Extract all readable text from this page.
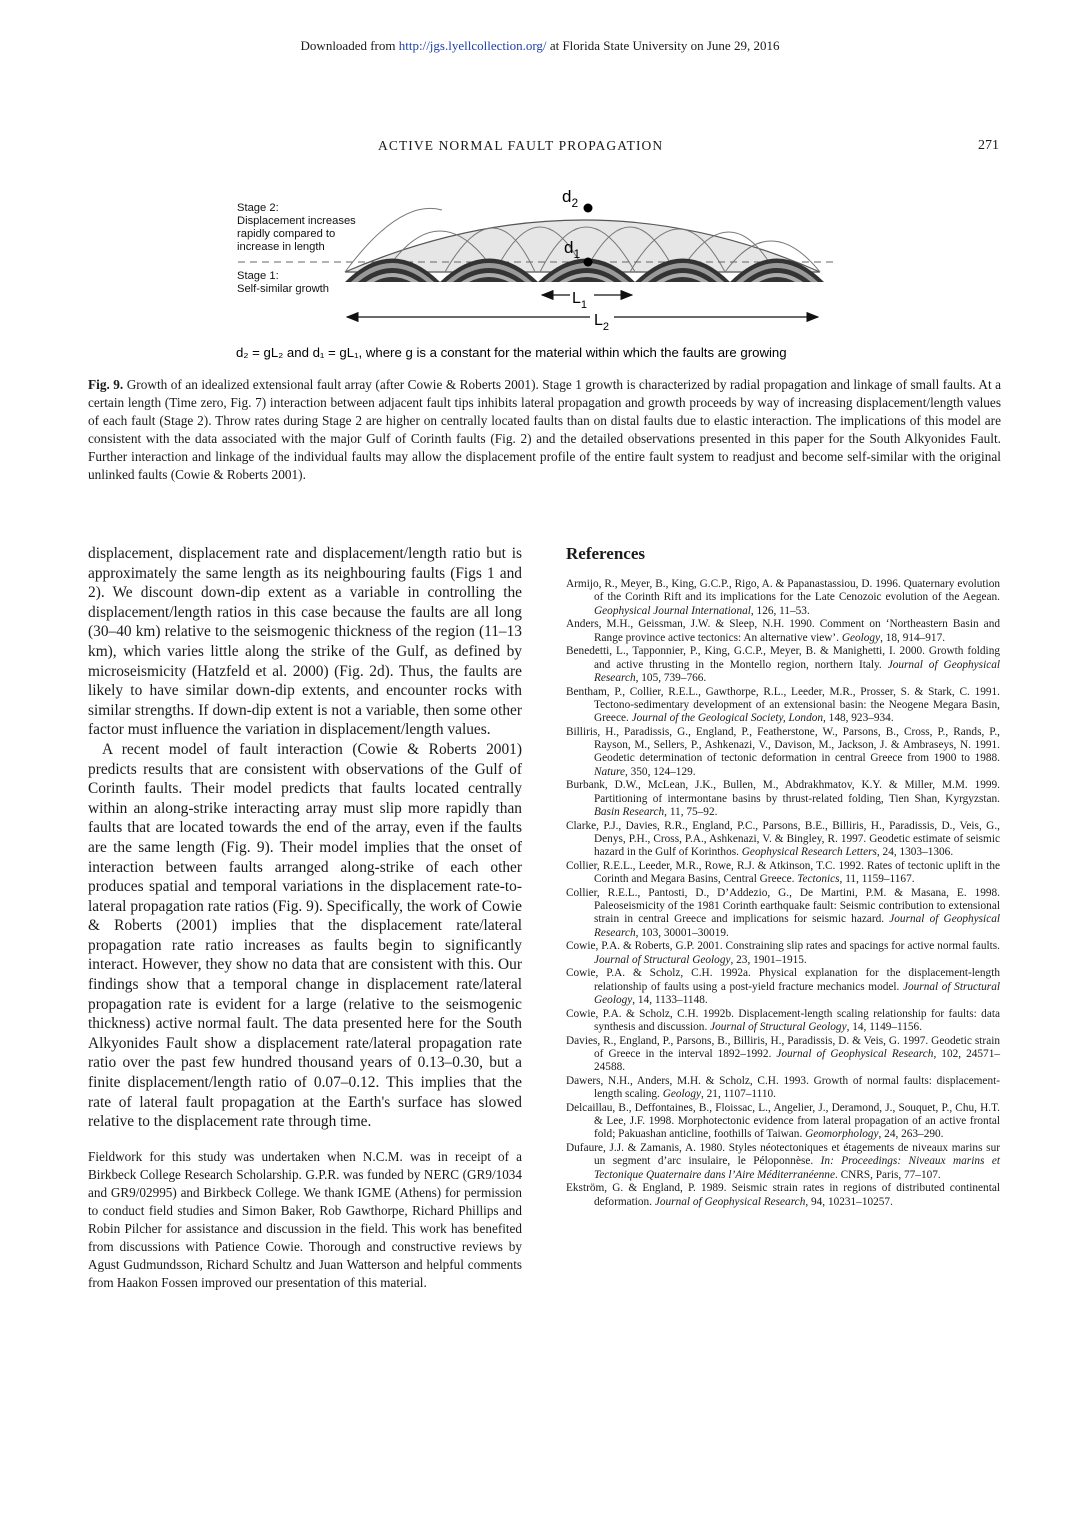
Downloaded from http://jgs.lyellcollection.org/ at Florida State University on June 29, 2016
ACTIVE NORMAL FAULT PROPAGATION	271
$d_2$
$d_1$
Stage 2:
Displacement increases
rapidly compared to
increase in length
Stage 1:
Self-similar growth
$L_1$
$L_2$
d₂ = gL₂ and d₁ = gL₁, where g is a constant for the material within which the faults are growing
Fig. 9. Growth of an idealized extensional fault array (after Cowie & Roberts 2001). Stage 1 growth is characterized by radial propagation and linkage of small faults. At a certain length (Time zero, Fig. 7) interaction between adjacent fault tips inhibits lateral propagation and growth proceeds by way of increasing displacement/length values of each fault (Stage 2). Throw rates during Stage 2 are higher on centrally located faults than on distal faults due to elastic interaction. The implications of this model are consistent with the data associated with the major Gulf of Corinth faults (Fig. 2) and the detailed observations presented in this paper for the South Alkyonides Fault. Further interaction and linkage of the individual faults may allow the displacement profile of the entire fault system to readjust and become self-similar with the original unlinked faults (Cowie & Roberts 2001).

displacement, displacement rate and displacement/length ratio but is approximately the same length as its neighbouring faults (Figs 1 and 2). We discount down-dip extent as a variable in controlling the displacement/length ratios in this case because the faults are all long (30–40 km) relative to the seismogenic thickness of the region (11–13 km), which varies little along the strike of the Gulf, as defined by microseismicity (Hatzfeld et al. 2000) (Fig. 2d). Thus, the faults are likely to have similar down-dip extents, and encounter rocks with similar strengths. If down-dip extent is not a variable, then some other factor must influence the variation in displacement/length values.

A recent model of fault interaction (Cowie & Roberts 2001) predicts results that are consistent with observations of the Gulf of Corinth faults. Their model predicts that faults located centrally within an along-strike interacting array must slip more rapidly than faults that are located towards the end of the array, even if the faults are the same length (Fig. 9). Their model implies that the onset of interaction between faults arranged along-strike of each other produces spatial and temporal variations in the displacement rate-to-lateral propagation rate ratios (Fig. 9). Specifically, the work of Cowie & Roberts (2001) implies that the displacement rate/lateral propagation rate ratio increases as faults begin to significantly interact. However, they show no data that are consistent with this. Our findings show that a temporal change in displacement rate/lateral propagation rate is evident for a large (relative to the seismogenic thickness) active normal fault. The data presented here for the South Alkyonides Fault show a displacement rate/lateral propagation rate ratio over the past few hundred thousand years of 0.13–0.30, but a finite displacement/length ratio of 0.07–0.12. This implies that the rate of lateral fault propagation at the Earth's surface has slowed relative to the displacement rate through time.

Fieldwork for this study was undertaken when N.C.M. was in receipt of a Birkbeck College Research Scholarship. G.P.R. was funded by NERC (GR9/1034 and GR9/02995) and Birkbeck College. We thank IGME (Athens) for permission to conduct field studies and Simon Baker, Rob Gawthorpe, Richard Phillips and Robin Pilcher for assistance and discussion in the field. This work has benefited from discussions with Patience Cowie. Thorough and constructive reviews by Agust Gudmundsson, Richard Schultz and Juan Watterson and helpful comments from Haakon Fossen improved our presentation of this material.

References

Armijo, R., Meyer, B., King, G.C.P., Rigo, A. & Papanastassiou, D. 1996. Quaternary evolution of the Corinth Rift and its implications for the Late Cenozoic evolution of the Aegean. Geophysical Journal International, 126, 11–53.

Anders, M.H., Geissman, J.W. & Sleep, N.H. 1990. Comment on ‘Northeastern Basin and Range province active tectonics: An alternative view’. Geology, 18, 914–917.

Benedetti, L., Tapponnier, P., King, G.C.P., Meyer, B. & Manighetti, I. 2000. Growth folding and active thrusting in the Montello region, northern Italy. Journal of Geophysical Research, 105, 739–766.

Bentham, P., Collier, R.E.L., Gawthorpe, R.L., Leeder, M.R., Prosser, S. & Stark, C. 1991. Tectono-sedimentary development of an extensional basin: the Neogene Megara Basin, Greece. Journal of the Geological Society, London, 148, 923–934.

Billiris, H., Paradissis, G., England, P., Featherstone, W., Parsons, B., Cross, P., Rands, P., Rayson, M., Sellers, P., Ashkenazi, V., Davison, M., Jackson, J. & Ambraseys, N. 1991. Geodetic determination of tectonic deformation in central Greece from 1900 to 1988. Nature, 350, 124–129.

Burbank, D.W., McLean, J.K., Bullen, M., Abdrakhmatov, K.Y. & Miller, M.M. 1999. Partitioning of intermontane basins by thrust-related folding, Tien Shan, Kyrgyzstan. Basin Research, 11, 75–92.

Clarke, P.J., Davies, R.R., England, P.C., Parsons, B.E., Billiris, H., Paradissis, D., Veis, G., Denys, P.H., Cross, P.A., Ashkenazi, V. & Bingley, R. 1997. Geodetic estimate of seismic hazard in the Gulf of Korinthos. Geophysical Research Letters, 24, 1303–1306.

Collier, R.E.L., Leeder, M.R., Rowe, R.J. & Atkinson, T.C. 1992. Rates of tectonic uplift in the Corinth and Megara Basins, Central Greece. Tectonics, 11, 1159–1167.

Collier, R.E.L., Pantosti, D., D’Addezio, G., De Martini, P.M. & Masana, E. 1998. Paleoseismicity of the 1981 Corinth earthquake fault: Seismic contribution to extensional strain in central Greece and implications for seismic hazard. Journal of Geophysical Research, 103, 30001–30019.

Cowie, P.A. & Roberts, G.P. 2001. Constraining slip rates and spacings for active normal faults. Journal of Structural Geology, 23, 1901–1915.

Cowie, P.A. & Scholz, C.H. 1992a. Physical explanation for the displacement-length relationship of faults using a post-yield fracture mechanics model. Journal of Structural Geology, 14, 1133–1148.

Cowie, P.A. & Scholz, C.H. 1992b. Displacement-length scaling relationship for faults: data synthesis and discussion. Journal of Structural Geology, 14, 1149–1156.

Davies, R., England, P., Parsons, B., Billiris, H., Paradissis, D. & Veis, G. 1997. Geodetic strain of Greece in the interval 1892–1992. Journal of Geophysical Research, 102, 24571–24588.

Dawers, N.H., Anders, M.H. & Scholz, C.H. 1993. Growth of normal faults: displacement-length scaling. Geology, 21, 1107–1110.

Delcaillau, B., Deffontaines, B., Floissac, L., Angelier, J., Deramond, J., Souquet, P., Chu, H.T. & Lee, J.F. 1998. Morphotectonic evidence from lateral propagation of an active frontal fold; Pakuashan anticline, foothills of Taiwan. Geomorphology, 24, 263–290.

Dufaure, J.J. & Zamanis, A. 1980. Styles néotectoniques et étagements de niveaux marins sur un segment d’arc insulaire, le Péloponnèse. In: Proceedings: Niveaux marins et Tectonique Quaternaire dans l’Aire Méditerranéenne. CNRS, Paris, 77–107.

Ekström, G. & England, P. 1989. Seismic strain rates in regions of distributed continental deformation. Journal of Geophysical Research, 94, 10231–10257.
